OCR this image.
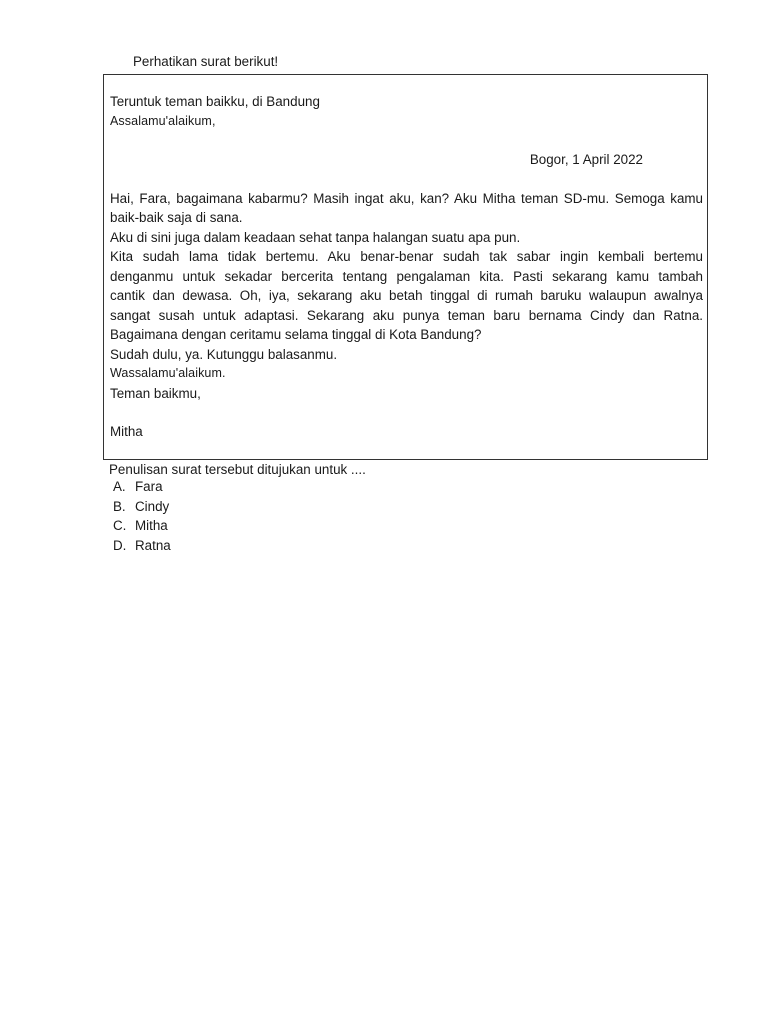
Perhatikan surat berikut!
Teruntuk teman baikku, di Bandung
Assalamu'alaikum,
Bogor, 1 April 2022
Hai, Fara, bagaimana kabarmu? Masih ingat aku, kan? Aku Mitha teman SD-mu. Semoga kamu
baik-baik saja di sana.
Aku di sini juga dalam keadaan sehat tanpa halangan suatu apa pun.
Kita sudah lama tidak bertemu. Aku benar-benar sudah tak sabar ingin kembali bertemu
denganmu untuk sekadar bercerita tentang pengalaman kita. Pasti sekarang kamu tambah
cantik dan dewasa. Oh, iya, sekarang aku betah tinggal di rumah baruku walaupun awalnya
sangat susah untuk adaptasi. Sekarang aku punya teman baru bernama Cindy dan Ratna.
Bagaimana dengan ceritamu selama tinggal di Kota Bandung?
Sudah dulu, ya. Kutunggu balasanmu.
Wassalamu'alaikum.
Teman baikmu,
Mitha
Penulisan surat tersebut ditujukan untuk ....
A. Fara
B. Cindy
C. Mitha
D. Ratna
